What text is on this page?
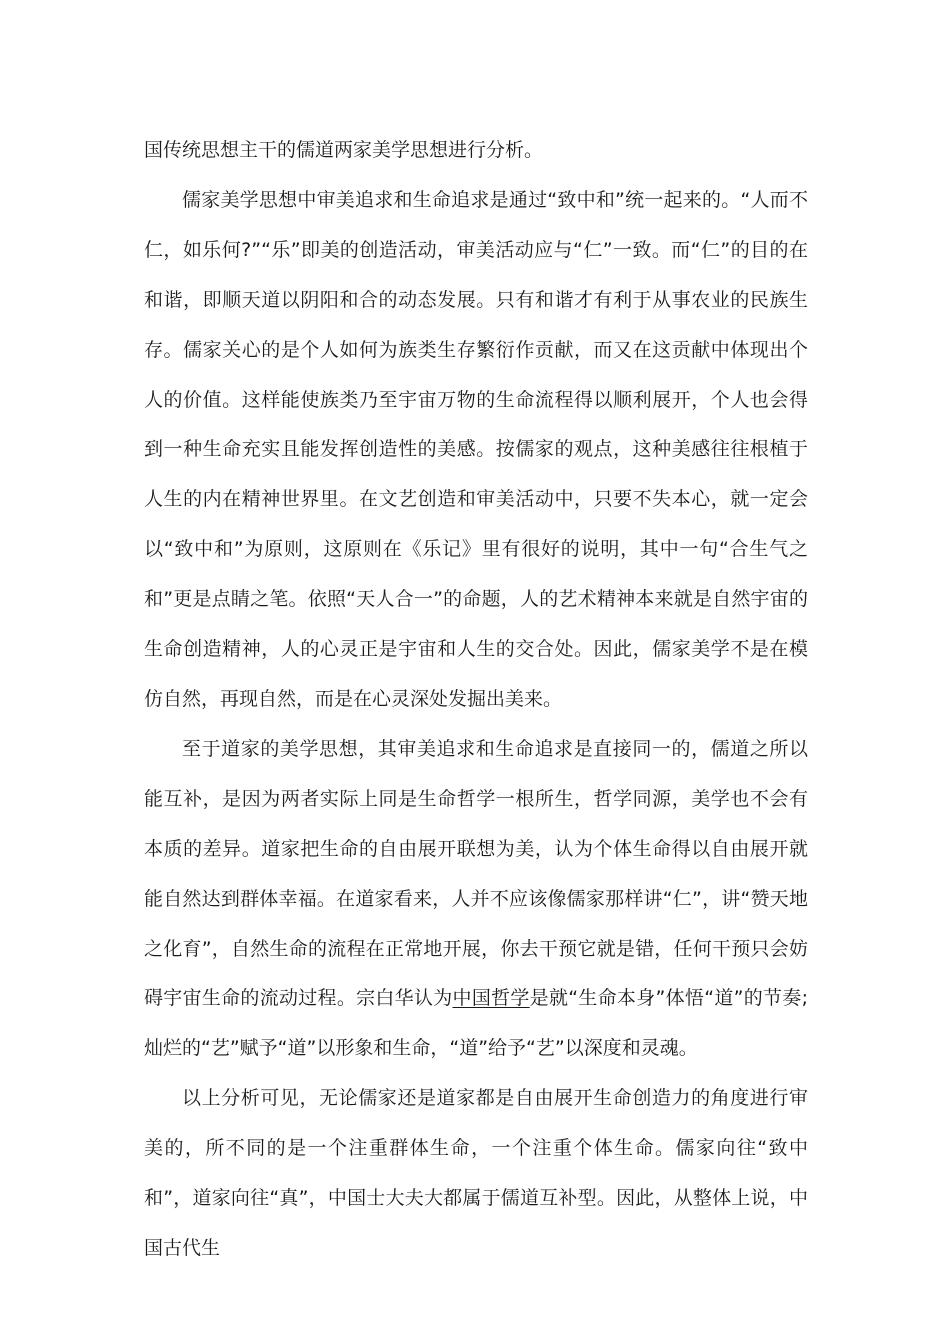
国传统思想主干的儒道两家美学思想进行分析。

儒家美学思想中审美追求和生命追求是通过“致中和”统一起来的。“人而不仁，如乐何?”“乐”即美的创造活动，审美活动应与“仁”一致。而“仁”的目的在和谐，即顺天道以阴阳和合的动态发展。只有和谐才有利于从事农业的民族生存。儒家关心的是个人如何为族类生存繁衍作贡献，而又在这贡献中体现出个人的价值。这样能使族类乃至宇宙万物的生命流程得以顺利展开，个人也会得到一种生命充实且能发挥创造性的美感。按儒家的观点，这种美感往往根植于人生的内在精神世界里。在文艺创造和审美活动中，只要不失本心，就一定会以“致中和”为原则，这原则在《乐记》里有很好的说明，其中一句“合生气之和”更是点睛之笔。依照“天人合一”的命题，人的艺术精神本来就是自然宇宙的生命创造精神，人的心灵正是宇宙和人生的交合处。因此，儒家美学不是在模仿自然，再现自然，而是在心灵深处发掘出美来。

至于道家的美学思想，其审美追求和生命追求是直接同一的，儒道之所以能互补，是因为两者实际上同是生命哲学一根所生，哲学同源，美学也不会有本质的差异。道家把生命的自由展开联想为美，认为个体生命得以自由展开就能自然达到群体幸福。在道家看来，人并不应该像儒家那样讲“仁”，讲“赞天地之化育”，自然生命的流程在正常地开展，你去干预它就是错，任何干预只会妨碍宇宙生命的流动过程。宗白华认为中国哲学是就“生命本身”体悟“道”的节奏;灿烂的“艺”赋予“道”以形象和生命，“道”给予“艺”以深度和灵魂。

以上分析可见，无论儒家还是道家都是自由展开生命创造力的角度进行审美的，所不同的是一个注重群体生命，一个注重个体生命。儒家向往“致中和”，道家向往“真”，中国士大夫大都属于儒道互补型。因此，从整体上说，中国古代生
